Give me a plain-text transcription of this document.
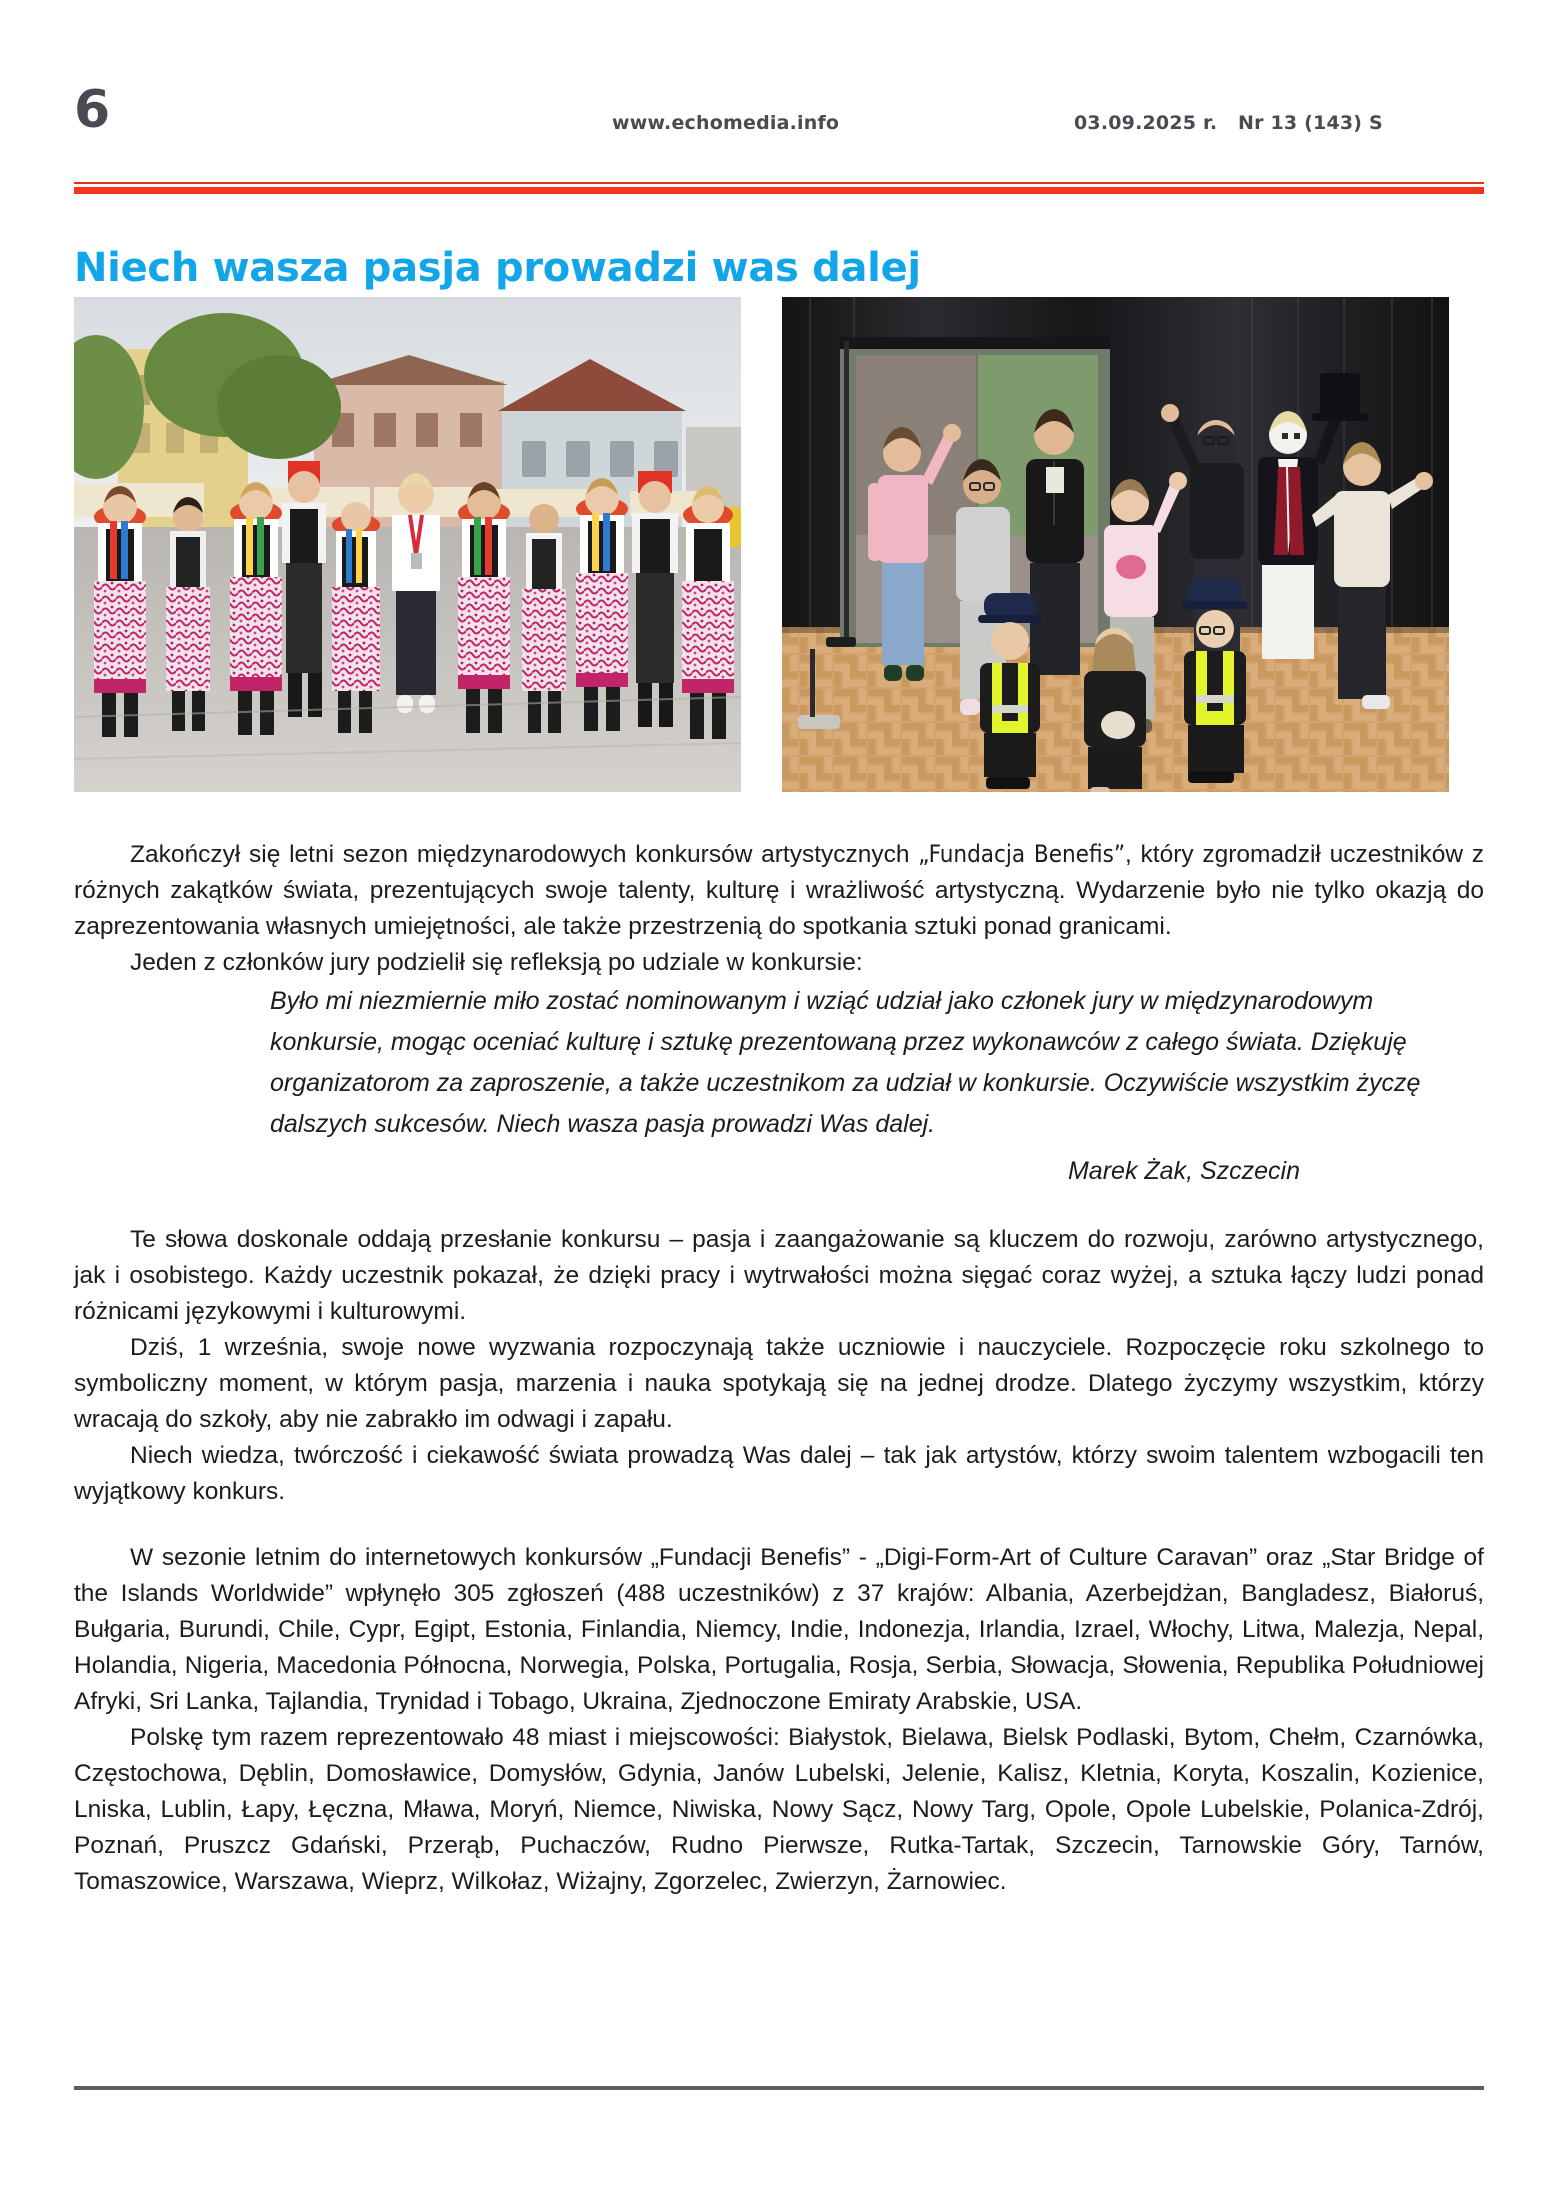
6	www.echomedia.info	03.09.2025 r. Nr 13 (143) S
Niech wasza pasja prowadzi was dalej

Zakończył się letni sezon międzynarodowych konkursów artystycznych „Fundacja Benefis”, który zgromadził uczestników z różnych zakątków świata, prezentujących swoje talenty, kulturę i wrażliwość artystyczną. Wydarzenie było nie tylko okazją do zaprezentowania własnych umiejętności, ale także przestrzenią do spotkania sztuki ponad granicami.

Jeden z członków jury podzielił się refleksją po udziale w konkursie:

Było mi niezmiernie miło zostać nominowanym i wziąć udział jako członek jury w międzynarodowym konkursie, mogąc oceniać kulturę i sztukę prezentowaną przez wykonawców z całego świata. Dziękuję organizatorom za zaproszenie, a także uczestnikom za udział w konkursie. Oczywiście wszystkim życzę dalszych sukcesów. Niech wasza pasja prowadzi Was dalej.

Marek Żak, Szczecin

Te słowa doskonale oddają przesłanie konkursu – pasja i zaangażowanie są kluczem do rozwoju, zarówno artystycznego, jak i osobistego. Każdy uczestnik pokazał, że dzięki pracy i wytrwałości można sięgać coraz wyżej, a sztuka łączy ludzi ponad różnicami językowymi i kulturowymi.

Dziś, 1 września, swoje nowe wyzwania rozpoczynają także uczniowie i nauczyciele. Rozpoczęcie roku szkolnego to symboliczny moment, w którym pasja, marzenia i nauka spotykają się na jednej drodze. Dlatego życzymy wszystkim, którzy wracają do szkoły, aby nie zabrakło im odwagi i zapału.

Niech wiedza, twórczość i ciekawość świata prowadzą Was dalej – tak jak artystów, którzy swoim talentem wzbogacili ten wyjątkowy konkurs.

W sezonie letnim do internetowych konkursów „Fundacji Benefis” - „Digi-Form-Art of Culture Caravan” oraz „Star Bridge of the Islands Worldwide” wpłynęło 305 zgłoszeń (488 uczestników) z 37 krajów: Albania, Azerbejdżan, Bangladesz, Białoruś, Bułgaria, Burundi, Chile, Cypr, Egipt, Estonia, Finlandia, Niemcy, Indie, Indonezja, Irlandia, Izrael, Włochy, Litwa, Malezja, Nepal, Holandia, Nigeria, Macedonia Północna, Norwegia, Polska, Portugalia, Rosja, Serbia, Słowacja, Słowenia, Republika Południowej Afryki, Sri Lanka, Tajlandia, Trynidad i Tobago, Ukraina, Zjednoczone Emiraty Arabskie, USA.

Polskę tym razem reprezentowało 48 miast i miejscowości: Białystok, Bielawa, Bielsk Podlaski, Bytom, Chełm, Czarnówka, Częstochowa, Dęblin, Domosławice, Domysłów, Gdynia, Janów Lubelski, Jelenie, Kalisz, Kletnia, Koryta, Koszalin, Kozienice, Lniska, Lublin, Łapy, Łęczna, Mława, Moryń, Niemce, Niwiska, Nowy Sącz, Nowy Targ, Opole, Opole Lubelskie, Polanica-Zdrój, Poznań, Pruszcz Gdański, Przerąb, Puchaczów, Rudno Pierwsze, Rutka-Tartak, Szczecin, Tarnowskie Góry, Tarnów, Tomaszowice, Warszawa, Wieprz, Wilkołaz, Wiżajny, Zgorzelec, Zwierzyn, Żarnowiec.
